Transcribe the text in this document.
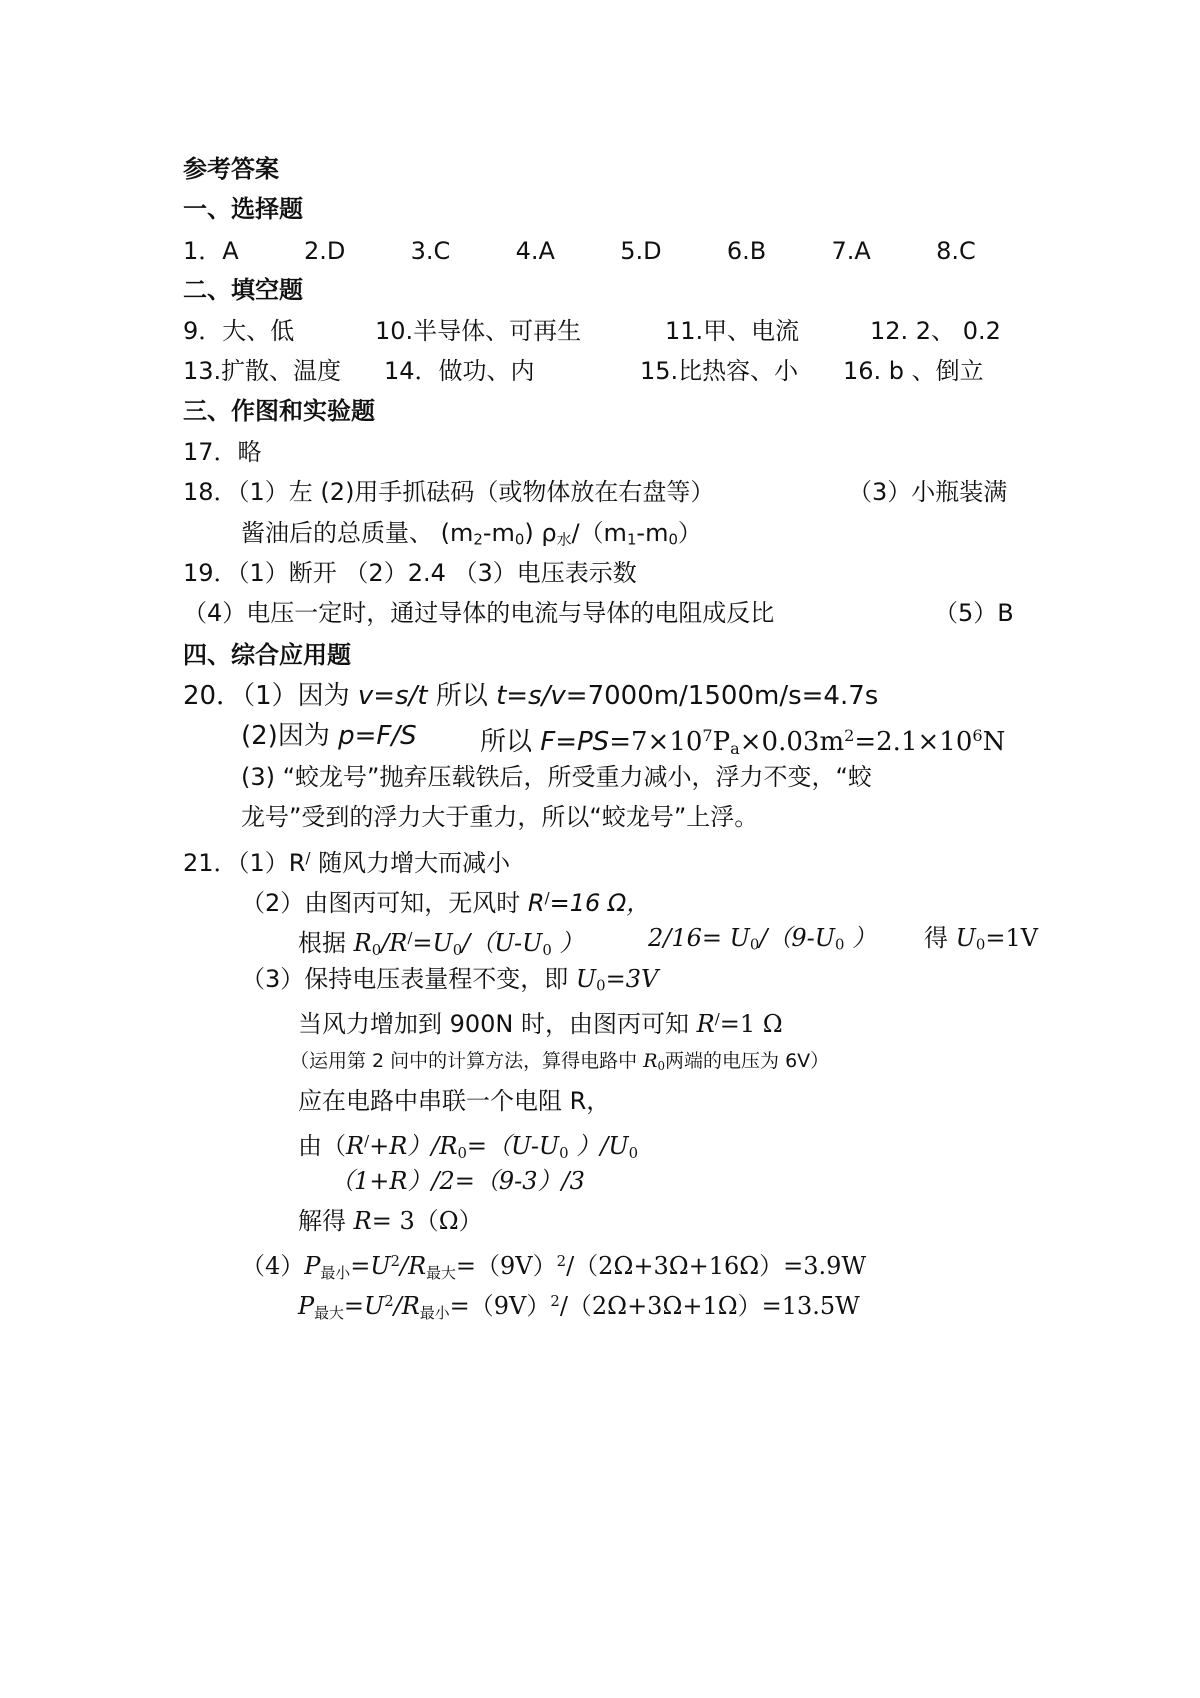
参考答案
一、选择题
1．A	2.D	3.C	4.A	5.D	6.B	7.A	8.C
二、填空题
9．大、低	10.半导体、可再生	11.甲、电流	12. 2、 0.2
13.扩散、温度 14．做功、内	15.比热容、小 16. b 、倒立
三、作图和实验题
17．略
18．（1）左 (2)用手抓砝码（或物体放在右盘等）	（3）小瓶装满
酱油后的总质量、 $(m_2-m_0)$ $\rho_水/(m_1-m_0)$
19．（1）断开 （2）2.4 （3）电压表示数
（4）电压一定时，通过导体的电流与导体的电阻成反比	（5）B
四、综合应用题
20．（1）因为 v=s/t 所以 t=s/v=7000m/1500m/s=4.7s
(2)因为 p=F/S 所以 $F=PS=7\times 10^7P_a\times 0.03m^2=2.1\times 10^6N$
(3) “蛟龙号”抛弃压载铁后，所受重力减小，浮力不变，“蛟
龙号”受到的浮力大于重力，所以“蛟龙号”上浮。
21．（1）R/ 随风力增大而减小
（2）由图丙可知，无风时 R/=16 Ω，
根据 $R_0/R^/=U_0/(U-U_0$ ）	$2/16= U_0/(9-U_0$ ） 得 $U_0=1V$
（3）保持电压表量程不变，即 $U_0=3V$
当风力增加到 900N 时，由图丙可知 R/=1 Ω
（运用第 2 问中的计算方法，算得电路中 $R_0$两端的电压为 6V）
应在电路中串联一个电阻 R，
由$(R^/+R)/R_0=(U-U_0$ ）$/U_0$
（1+R）/2=（9-3）/3
解得 R= 3（Ω）
$(4)P_{最小}=U^2/R_{最大}=(9V)^2/(2\Omega+3\Omega+16\Omega)=3.9W$
$P_{最大}=U^2/R_{最小}=(9V)^2/(2\Omega+3\Omega+1\Omega)=13.5W$
